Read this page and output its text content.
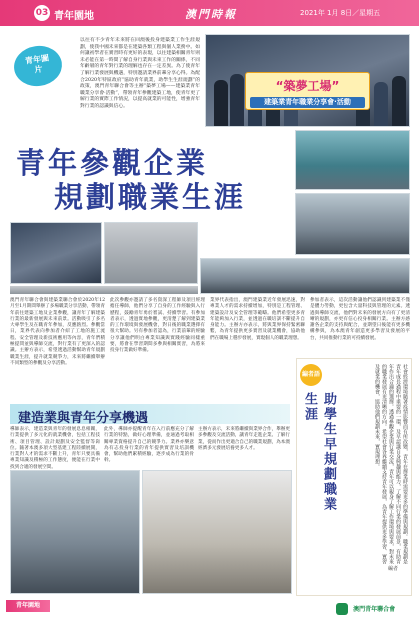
03 青年園地	澳門時報	2021年 1月 8日／星期五
青年圖片
以往有不少青年未來將在回澳後投身建築業工作生涯規劃，使我中國未來都是在建築各類工程與個人業務中。如何讓初學者在實習時有更好的表現，以往建築相關青年則未必能在第一時間了解自身行業與未來工作的關係，不同年齡層的青年對行業的理解也存在一定差異。為了使青年了解行業發展與機遇，特別邀請業界前輩分享心得。為配合2020年特區政府“協助青年就業，助學生生涯規劃”的政策，澳門青年聯合會等主辦“築夢工場——建築業青年職業分享會·活動”，帶領青年參觀建築工地，使青年更了解行業的實際工作情況，以提高就業的可能性，增強青年對行業的認識與信心。
“築夢工場”
建築業青年職業分享會·活動
青年參觀企業
規劃職業生涯
澳門青年聯合會與建築業聯合會於2020年12月至1月期間舉辦了多場職業分享活動，帶領青年前往建築工地及企業參觀，讓青年了解建築行業的最新發展與未來前景。活動吸引了多名大專學生及在職青年參加，反應熱烈。參觀當日，業界代表向參加者介紹了工地的施工流程、安全管理及新技術應用等內容，青年們積極提問並與導師交流，對行業有了更深入的認識。主辦方表示，希望透過活動幫助青年規劃職業生涯，提升就業競爭力，未來將繼續舉辦不同類型的參觀及分享活動。
此次參觀亦邀請了多名資深工程師及項目經理擔任導師，他們分享了自身的工作經驗與入行歷程，鼓勵青年勇於嘗試、持續學習。有參加者表示，透過實地參觀，更清楚了解到建築業的工作環境與發展機會，對日後的職業選擇有很大幫助。另有參加者認為，行業前輩的經驗分享讓他們明白專業知識與實踐經驗同樣重要，將會在學習期間多參與相關實習，為將來投身行業做好準備。
業界代表指出，澳門建築業近年發展迅速，對專業人才的需求持續增加，特別是工程管理、建築設計及安全管理等範疇。他們希望更多青年能夠加入行業，並透過在職培訓不斷提升自身能力。主辦方亦表示，將與業界保持緊密聯繫，為青年提供更多實習及就業機會，協助他們在職場上穩步發展，實現個人的職業理想。
參加者表示，這次活動讓他們認識到建築業不僅是體力勞動，更包含大量科技與管理的元素。透過與導師交流，他們對未來的發展方向有了更清晰的規劃，亦更有信心投身相關行業。主辦方感謝各企業的支持與配合，並期望日後能有更多機構參與，為本澳青年創造更多學習及發展的平台，共同推動行業的可持續發展。
建造業與青年分享機遇
導師表示，建造業與青年的發展息息相關，行業提供了多元化的就業機會，包括工程技術、項目管理、設計規劃及安全監督等崗位。隨著本澳多項大型基建工程陸續展開，行業對人才的需求不斷上升，青年只要具備專業知識及積極的工作態度，便能在行業中找到合適的發展空間。
此外，導師亦提醒青年在入行前應充分了解行業的特點，做好心理準備，並通過考取相關專業資格提升自己的競爭力。業界亦樂意為有志投身行業的青年提供實習及培訓機會，幫助他們累積經驗，逐步成為行業的骨幹。
主辦方表示，未來將繼續與業界合作，舉辦更多參觀及交流活動，讓青年走進企業、了解行業，從而作出更適合自己的職業規劃，為本澳經濟多元發展培養更多人才。
編者語
助學生早規劃職業生涯	社會經濟環境隨著疫情影響而有所改變，青年在擇業時需要更多的準備與規劃。職業規劃是青年成長過程中重要的一環，及早認識自身興趣與能力，了解不同行業的發展前景，有助青年作出合適的選擇。透過參觀企業與行業交流，青年可以親身了解工作環境與要求，對未來的職業發展有更清晰的方向。希望社會各界繼續支持青年發展，為青年提供更多學習、實習及就業的機會，協助他們規劃未來，實現理想。
編者
青年園地
澳門青年聯合會
